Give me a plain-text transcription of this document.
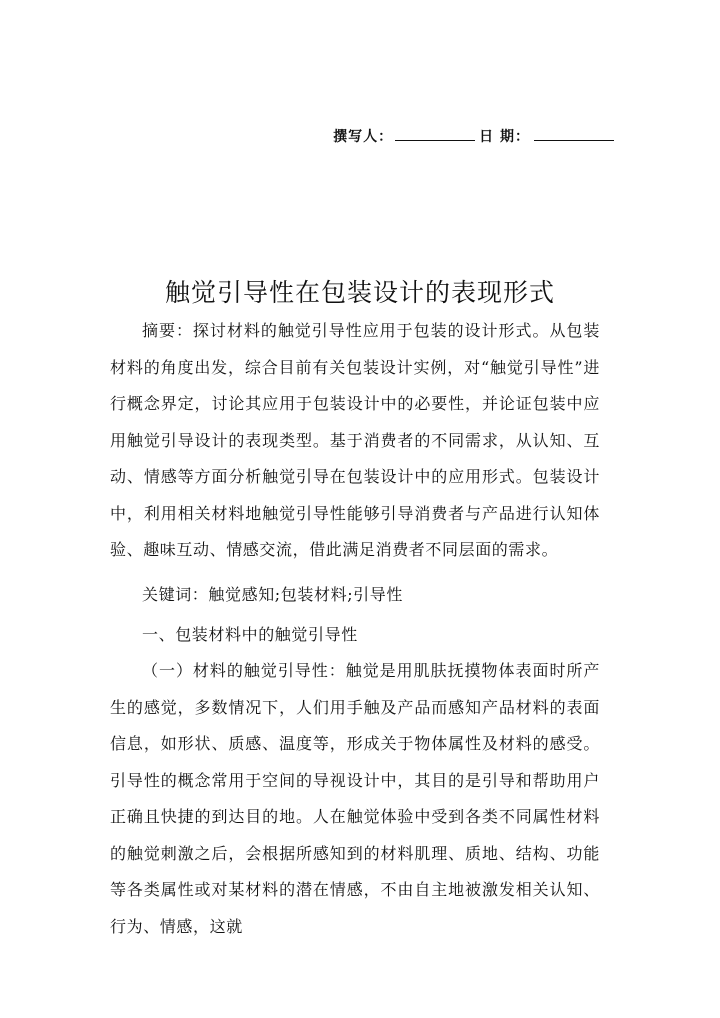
撰写人：	日 期：
触觉引导性在包装设计的表现形式

摘要：探讨材料的触觉引导性应用于包装的设计形式。从包装材料的角度出发，综合目前有关包装设计实例，对“触觉引导性”进行概念界定，讨论其应用于包装设计中的必要性，并论证包装中应用触觉引导设计的表现类型。基于消费者的不同需求，从认知、互动、情感等方面分析触觉引导在包装设计中的应用形式。包装设计中，利用相关材料地触觉引导性能够引导消费者与产品进行认知体验、趣味互动、情感交流，借此满足消费者不同层面的需求。

关键词：触觉感知;包装材料;引导性

一、包装材料中的触觉引导性

（一）材料的触觉引导性：触觉是用肌肤抚摸物体表面时所产生的感觉，多数情况下，人们用手触及产品而感知产品材料的表面信息，如形状、质感、温度等，形成关于物体属性及材料的感受。引导性的概念常用于空间的导视设计中，其目的是引导和帮助用户正确且快捷的到达目的地。人在触觉体验中受到各类不同属性材料的触觉刺激之后，会根据所感知到的材料肌理、质地、结构、功能等各类属性或对某材料的潜在情感，不由自主地被激发相关认知、行为、情感，这就
